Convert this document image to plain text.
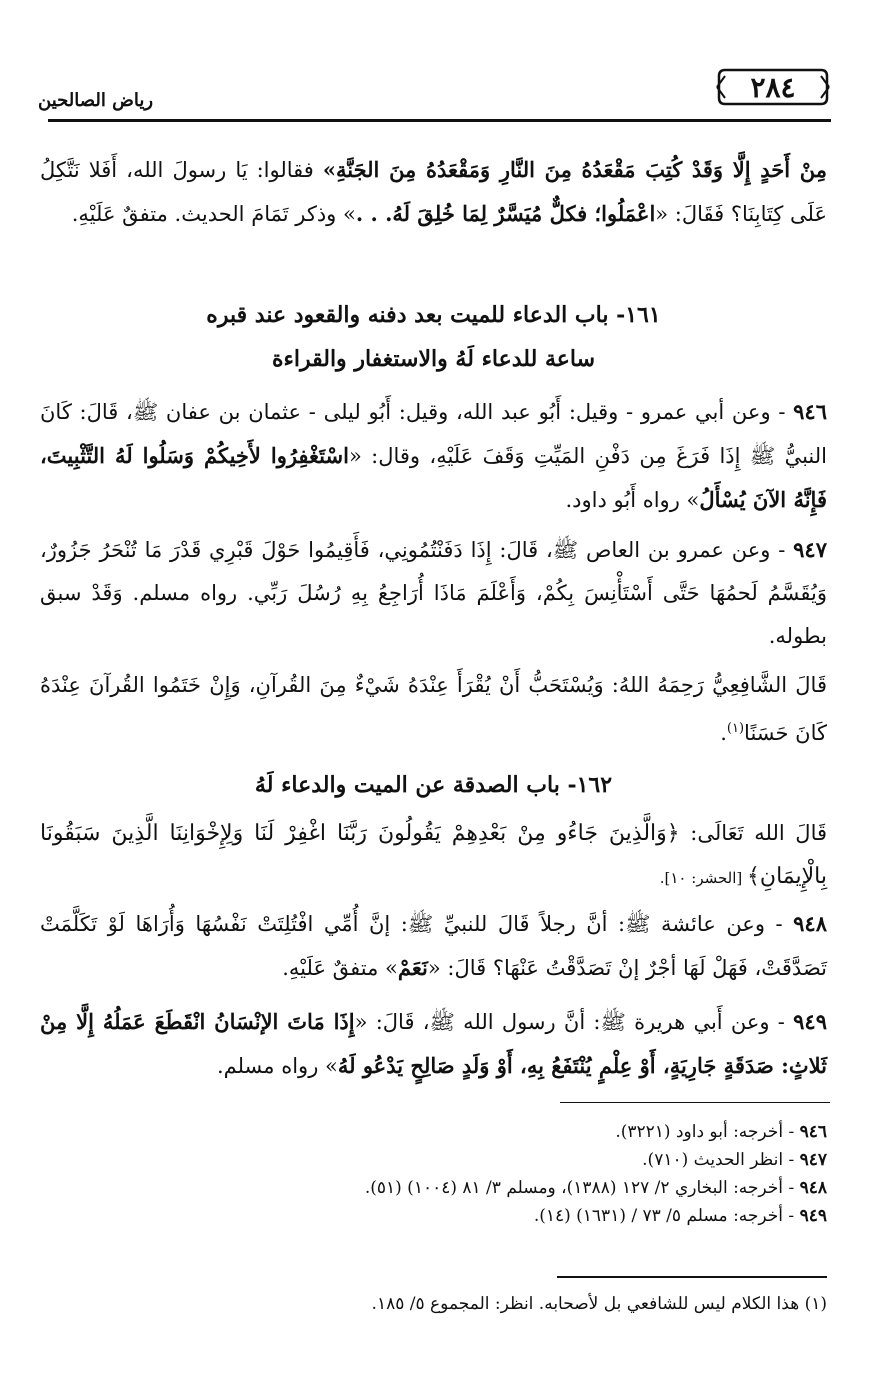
٢٨٤
رياض الصالحين
مِنْ أَحَدٍ إِلَّا وَقَدْ كُتِبَ مَقْعَدُهُ مِنَ النَّارِ وَمَقْعَدُهُ مِنَ الجَنَّةِ» فقالوا: يَا رسولَ الله، أَفَلا نَتَّكِلُ عَلَى كِتَابِنَا؟ فَقَالَ: «اعْمَلُوا؛ فكلٌّ مُيَسَّرٌ لِمَا خُلِقَ لَهُ. . .» وذكر تَمَامَ الحديث. متفقٌ عَلَيْهِ.
١٦١- باب الدعاء للميت بعد دفنه والقعود عند قبره
ساعة للدعاء لَهُ والاستغفار والقراءة
٩٤٦ - وعن أبي عمرو - وقيل: أَبُو عبد الله، وقيل: أَبُو ليلى - عثمان بن عفان ﷺ، قَالَ: كَانَ النبيُّ ﷺ إِذَا فَرَغَ مِن دَفْنِ المَيِّتِ وَقَفَ عَلَيْهِ، وقال: «اسْتَغْفِرُوا لأَخِيكُمْ وَسَلُوا لَهُ التَّثْبِيتَ، فَإِنَّهُ الآنَ يُسْأَلُ» رواه أَبُو داود.
٩٤٧ - وعن عمرو بن العاص ﷺ، قَالَ: إِذَا دَفَنْتُمُونِي، فَأَقِيمُوا حَوْلَ قَبْرِي قَدْرَ مَا تُنْحَرُ جَزُورٌ، وَيُقَسَّمُ لَحمُهَا حَتَّى أَسْتَأْنِسَ بِكُمْ، وَأَعْلَمَ مَاذَا أُرَاجِعُ بِهِ رُسُلَ رَبِّي. رواه مسلم. وَقَدْ سبق بطوله.
قَالَ الشَّافِعِيُّ رَحِمَهُ اللهُ: وَيُسْتَحَبُّ أَنْ يُقْرَأَ عِنْدَهُ شَيْءٌ مِنَ القُرآنِ، وَإِنْ خَتَمُوا القُرآنَ عِنْدَهُ كَانَ حَسَنًا$^{(١)}$.
١٦٢- باب الصدقة عن الميت والدعاء لَهُ
قَالَ الله تَعَالَى: ﴿وَالَّذِينَ جَاءُو مِنْ بَعْدِهِمْ يَقُولُونَ رَبَّنَا اغْفِرْ لَنَا وَلِإِخْوَانِنَا الَّذِينَ سَبَقُونَا بِالْإِيمَانِ﴾ [الحشر: ١٠].
٩٤٨ - وعن عائشة ﷺ: أنَّ رجلاً قَالَ للنبيِّ ﷺ: إنَّ أُمِّي افْتُلِتَتْ نَفْسُهَا وَأُرَاهَا لَوْ تَكَلَّمَتْ تَصَدَّقَتْ، فَهَلْ لَهَا أجْرٌ إنْ تَصَدَّقْتُ عَنْهَا؟ قَالَ: «نَعَمْ» متفقٌ عَلَيْهِ.
٩٤٩ - وعن أَبي هريرة ﷺ: أنَّ رسول الله ﷺ، قَالَ: «إِذَا مَاتَ الإنْسَانُ انْقَطَعَ عَمَلُهُ إِلَّا مِنْ ثَلاثٍ: صَدَقَةٍ جَارِيَةٍ، أَوْ عِلْمٍ يُنْتَفَعُ بِهِ، أَوْ وَلَدٍ صَالِحٍ يَدْعُو لَهُ» رواه مسلم.
٩٤٦ - أخرجه: أبو داود (٣٢٢١).
٩٤٧ - انظر الحديث (٧١٠).
٩٤٨ - أخرجه: البخاري ٢/ ١٢٧ (١٣٨٨)، ومسلم ٣/ ٨١ (١٠٠٤) (٥١).
٩٤٩ - أخرجه: مسلم ٥/ ٧٣ / (١٦٣١) (١٤).
(١) هذا الكلام ليس للشافعي بل لأصحابه. انظر: المجموع ٥/ ١٨٥.
